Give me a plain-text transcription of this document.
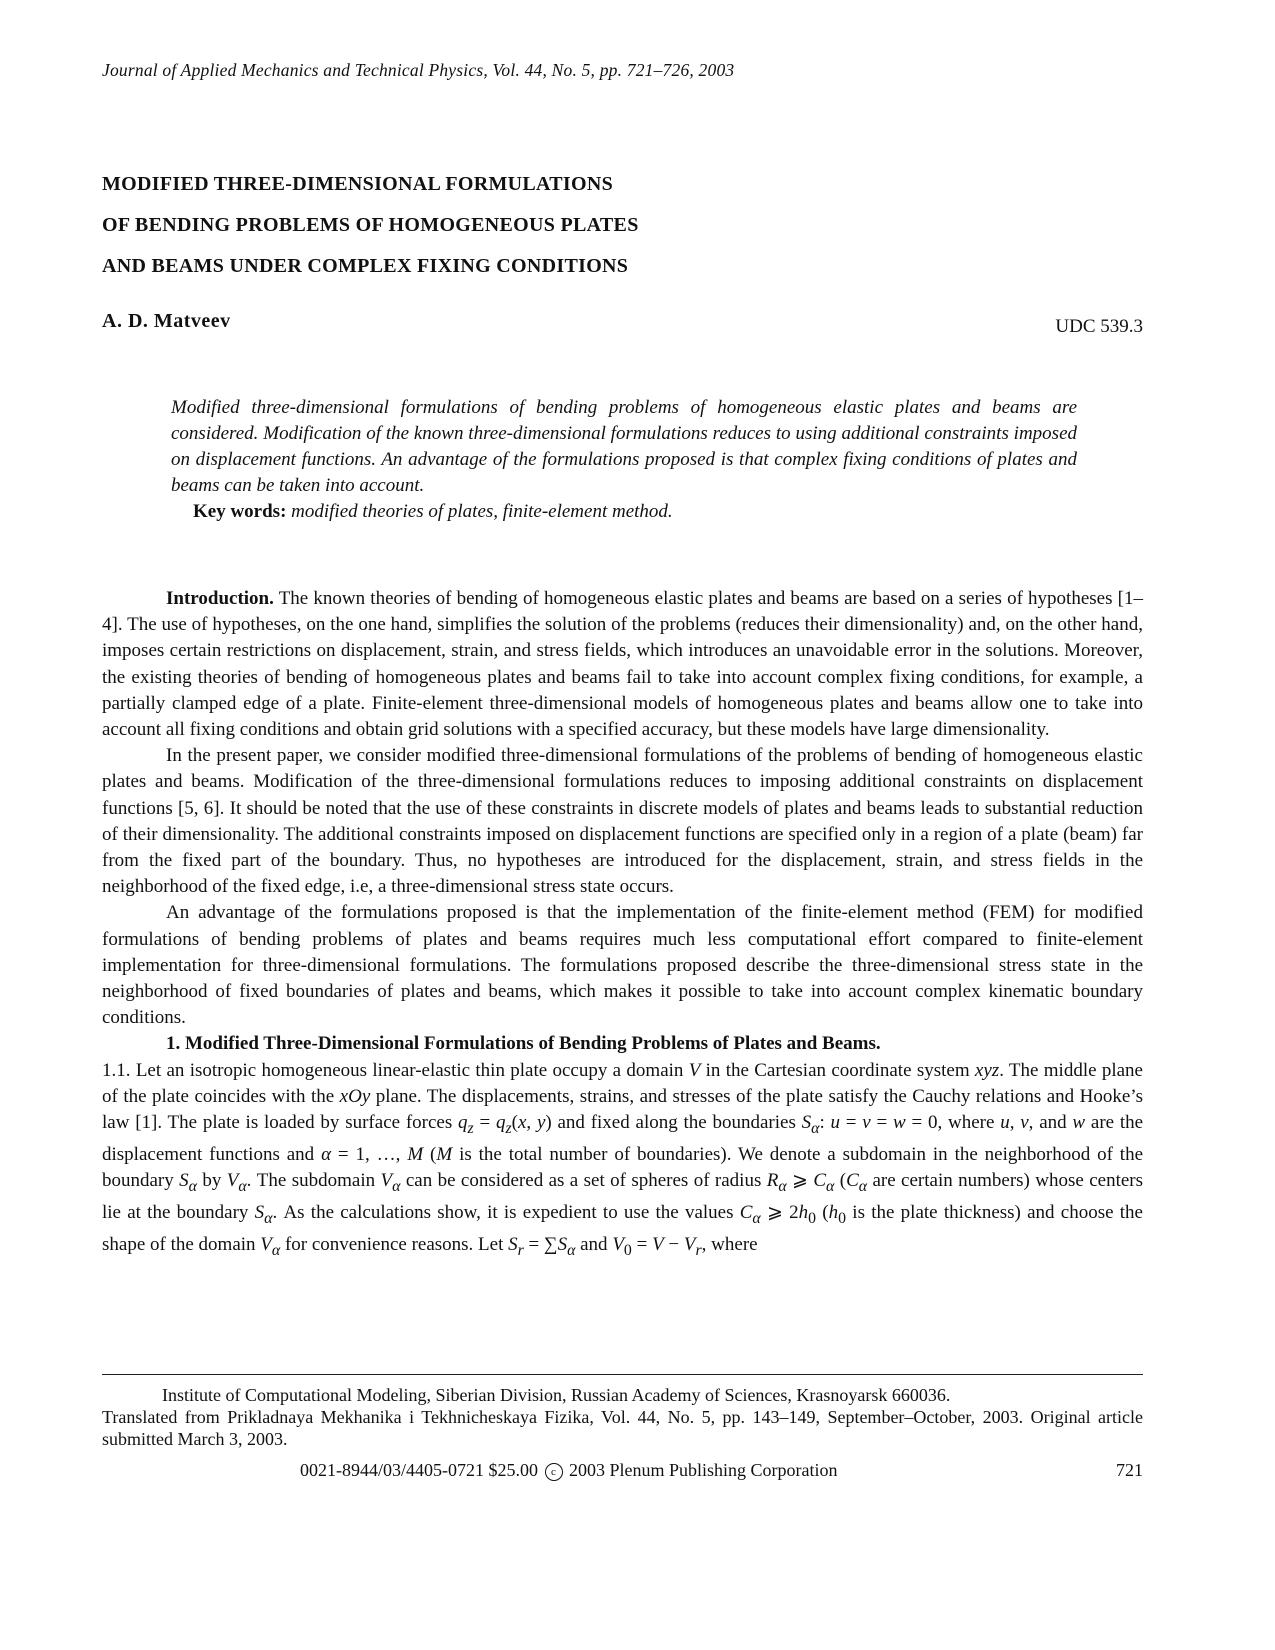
Journal of Applied Mechanics and Technical Physics, Vol. 44, No. 5, pp. 721–726, 2003
MODIFIED THREE-DIMENSIONAL FORMULATIONS
OF BENDING PROBLEMS OF HOMOGENEOUS PLATES
AND BEAMS UNDER COMPLEX FIXING CONDITIONS
A. D. Matveev	UDC 539.3
Modified three-dimensional formulations of bending problems of homogeneous elastic plates and beams are considered. Modification of the known three-dimensional formulations reduces to using additional constraints imposed on displacement functions. An advantage of the formulations proposed is that complex fixing conditions of plates and beams can be taken into account.
Key words: modified theories of plates, finite-element method.

Introduction. The known theories of bending of homogeneous elastic plates and beams are based on a series of hypotheses [1–4]. The use of hypotheses, on the one hand, simplifies the solution of the problems (reduces their dimensionality) and, on the other hand, imposes certain restrictions on displacement, strain, and stress fields, which introduces an unavoidable error in the solutions. Moreover, the existing theories of bending of homogeneous plates and beams fail to take into account complex fixing conditions, for example, a partially clamped edge of a plate. Finite-element three-dimensional models of homogeneous plates and beams allow one to take into account all fixing conditions and obtain grid solutions with a specified accuracy, but these models have large dimensionality.

In the present paper, we consider modified three-dimensional formulations of the problems of bending of homogeneous elastic plates and beams. Modification of the three-dimensional formulations reduces to imposing additional constraints on displacement functions [5, 6]. It should be noted that the use of these constraints in discrete models of plates and beams leads to substantial reduction of their dimensionality. The additional constraints imposed on displacement functions are specified only in a region of a plate (beam) far from the fixed part of the boundary. Thus, no hypotheses are introduced for the displacement, strain, and stress fields in the neighborhood of the fixed edge, i.e, a three-dimensional stress state occurs.

An advantage of the formulations proposed is that the implementation of the finite-element method (FEM) for modified formulations of bending problems of plates and beams requires much less computational effort compared to finite-element implementation for three-dimensional formulations. The formulations proposed describe the three-dimensional stress state in the neighborhood of fixed boundaries of plates and beams, which makes it possible to take into account complex kinematic boundary conditions.

1. Modified Three-Dimensional Formulations of Bending Problems of Plates and Beams.

1.1. Let an isotropic homogeneous linear-elastic thin plate occupy a domain V in the Cartesian coordinate system xyz. The middle plane of the plate coincides with the xOy plane. The displacements, strains, and stresses of the plate satisfy the Cauchy relations and Hooke’s law [1]. The plate is loaded by surface forces $q_z = q_z(x$, y) and fixed along the boundaries $S_\alpha$: u = v = w = 0, where u, v, and w are the displacement functions and α = 1, …, M (M is the total number of boundaries). We denote a subdomain in the neighborhood of the boundary $S_\alpha$ by $V_\alpha$. The subdomain $V_\alpha$ can be considered as a set of spheres of radius $R_\alpha$ ⩾ $C_\alpha$ ($C_\alpha$ are certain numbers) whose centers lie at the boundary $S_\alpha$. As the calculations show, it is expedient to use the values $C_\alpha$ ⩾ $2h_0$ ($h_0$ is the plate thickness) and choose the shape of the domain $V_\alpha$ for convenience reasons. Let $S_r = \sum S_\alpha$ and $V_0 = V - V_r$, where

Institute of Computational Modeling, Siberian Division, Russian Academy of Sciences, Krasnoyarsk 660036.

Translated from Prikladnaya Mekhanika i Tekhnicheskaya Fizika, Vol. 44, No. 5, pp. 143–149, September–October, 2003. Original article submitted March 3, 2003.

0021-8944/03/4405-0721 $25.00 c 2003 Plenum Publishing Corporation	721
